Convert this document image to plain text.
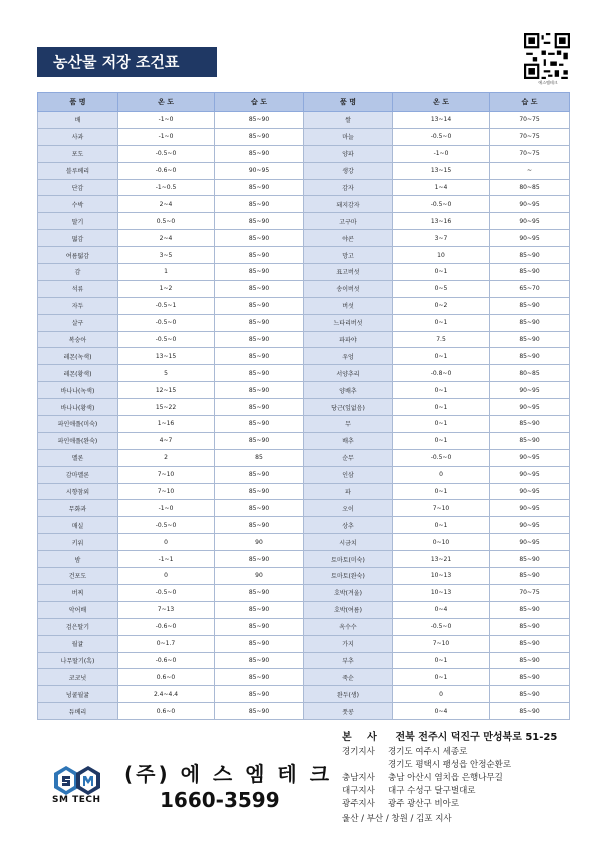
농산물 저장 조건표
에스엠테크
품 명	온 도	습 도	품 명	온 도	습 도
배	-1~0	85~90	쌀	13~14	70~75
사과	-1~0	85~90	마늘	-0.5~0	70~75
포도	-0.5~0	85~90	양파	-1~0	70~75
블루베리	-0.6~0	90~95	생강	13~15	~
단감	-1~0.5	85~90	감자	1~4	80~85
수박	2~4	85~90	돼지감자	-0.5~0	90~95
딸기	0.5~0	85~90	고구마	13~16	90~95
떫감	2~4	85~90	야콘	3~7	90~95
여름떫감	3~5	85~90	망고	10	85~90
감	1	85~90	표고버섯	0~1	85~90
석류	1~2	85~90	송이버섯	0~5	65~70
자두	-0.5~1	85~90	버섯	0~2	85~90
살구	-0.5~0	85~90	느타리버섯	0~1	85~90
복숭아	-0.5~0	85~90	파파야	7.5	85~90
레몬(녹색)	13~15	85~90	우엉	0~1	85~90
레몬(황색)	5	85~90	서양추리	-0.8~0	80~85
바나나(녹색)	12~15	85~90	양배추	0~1	90~95
바나나(황색)	15~22	85~90	당근(잎없음)	0~1	90~95
파인애플(미숙)	1~16	85~90	무	0~1	85~90
파인애플(완숙)	4~7	85~90	배추	0~1	85~90
멜론	2	85	순무	-0.5~0	90~95
감마멜론	7~10	85~90	인삼	0	90~95
시향참외	7~10	85~90	파	0~1	90~95
무화과	-1~0	85~90	오이	7~10	90~95
매실	-0.5~0	85~90	상추	0~1	90~95
키위	0	90	시금치	0~10	90~95
밤	-1~1	85~90	토마토(미숙)	13~21	85~90
건포도	0	90	토마토(완숙)	10~13	85~90
버찌	-0.5~0	85~90	호박(겨울)	10~13	70~75
악어배	7~13	85~90	호박(여름)	0~4	85~90
검은딸기	-0.6~0	85~90	옥수수	-0.5~0	85~90
월귤	0~1.7	85~90	가지	7~10	85~90
나무딸기(흑)	-0.6~0	85~90	부추	0~1	85~90
코코넛	0.6~0	85~90	죽순	0~1	85~90
넝쿨월귤	2.4~4.4	85~90	완두(생)	0	85~90
듀베리	0.6~0	85~90	풋콩	0~4	85~90
본 사 전북 전주시 덕진구 만성북로 51-25
경기지사 경기도 여주시 세종로
경기도 평택시 팽성읍 안정순환로
충남지사 충남 아산시 염치읍 은행나무길
대구지사 대구 수성구 달구벌대로
광주지사 광주 광산구 비아로
울산 / 부산 / 창원 / 김포 지사
SM TECH
(주) 에 스 엠 테 크
1660-3599
